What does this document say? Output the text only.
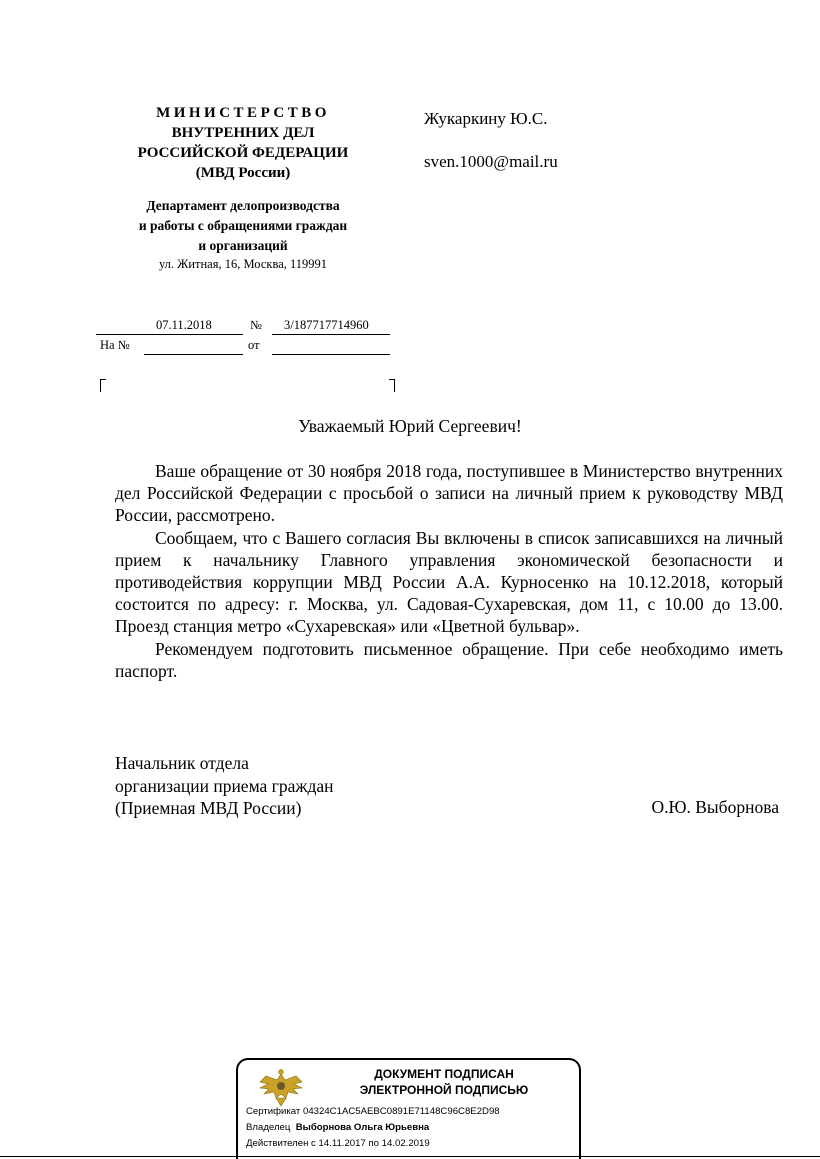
МИНИСТЕРСТВО
ВНУТРЕННИХ ДЕЛ
РОССИЙСКОЙ ФЕДЕРАЦИИ
(МВД России)
Департамент делопроизводства
и работы с обращениями граждан
и организаций
ул. Житная, 16, Москва, 119991
Жукаркину Ю.С.
sven.1000@mail.ru
07.11.2018	№ 3/187717714960
На №	от
Уважаемый Юрий Сергеевич!

Ваше обращение от 30 ноября 2018 года, поступившее в Министерство внутренних дел Российской Федерации с просьбой о записи на личный прием к руководству МВД России, рассмотрено.

Сообщаем, что с Вашего согласия Вы включены в список записавшихся на личный прием к начальнику Главного управления экономической безопасности и противодействия коррупции МВД России А.А. Курносенко на 10.12.2018, который состоится по адресу: г. Москва, ул. Садовая-Сухаревская, дом 11, с 10.00 до 13.00. Проезд станция метро «Сухаревская» или «Цветной бульвар».

Рекомендуем подготовить письменное обращение. При себе необходимо иметь паспорт.

Начальник отдела
организации приема граждан
(Приемная МВД России)	О.Ю. Выборнова
ДОКУМЕНТ ПОДПИСАН
ЭЛЕКТРОННОЙ ПОДПИСЬЮ
Сертификат 04324C1AC5AEBC0891E71148C96C8E2D98
Владелец Выборнова Ольга Юрьевна
Действителен с 14.11.2017 по 14.02.2019
